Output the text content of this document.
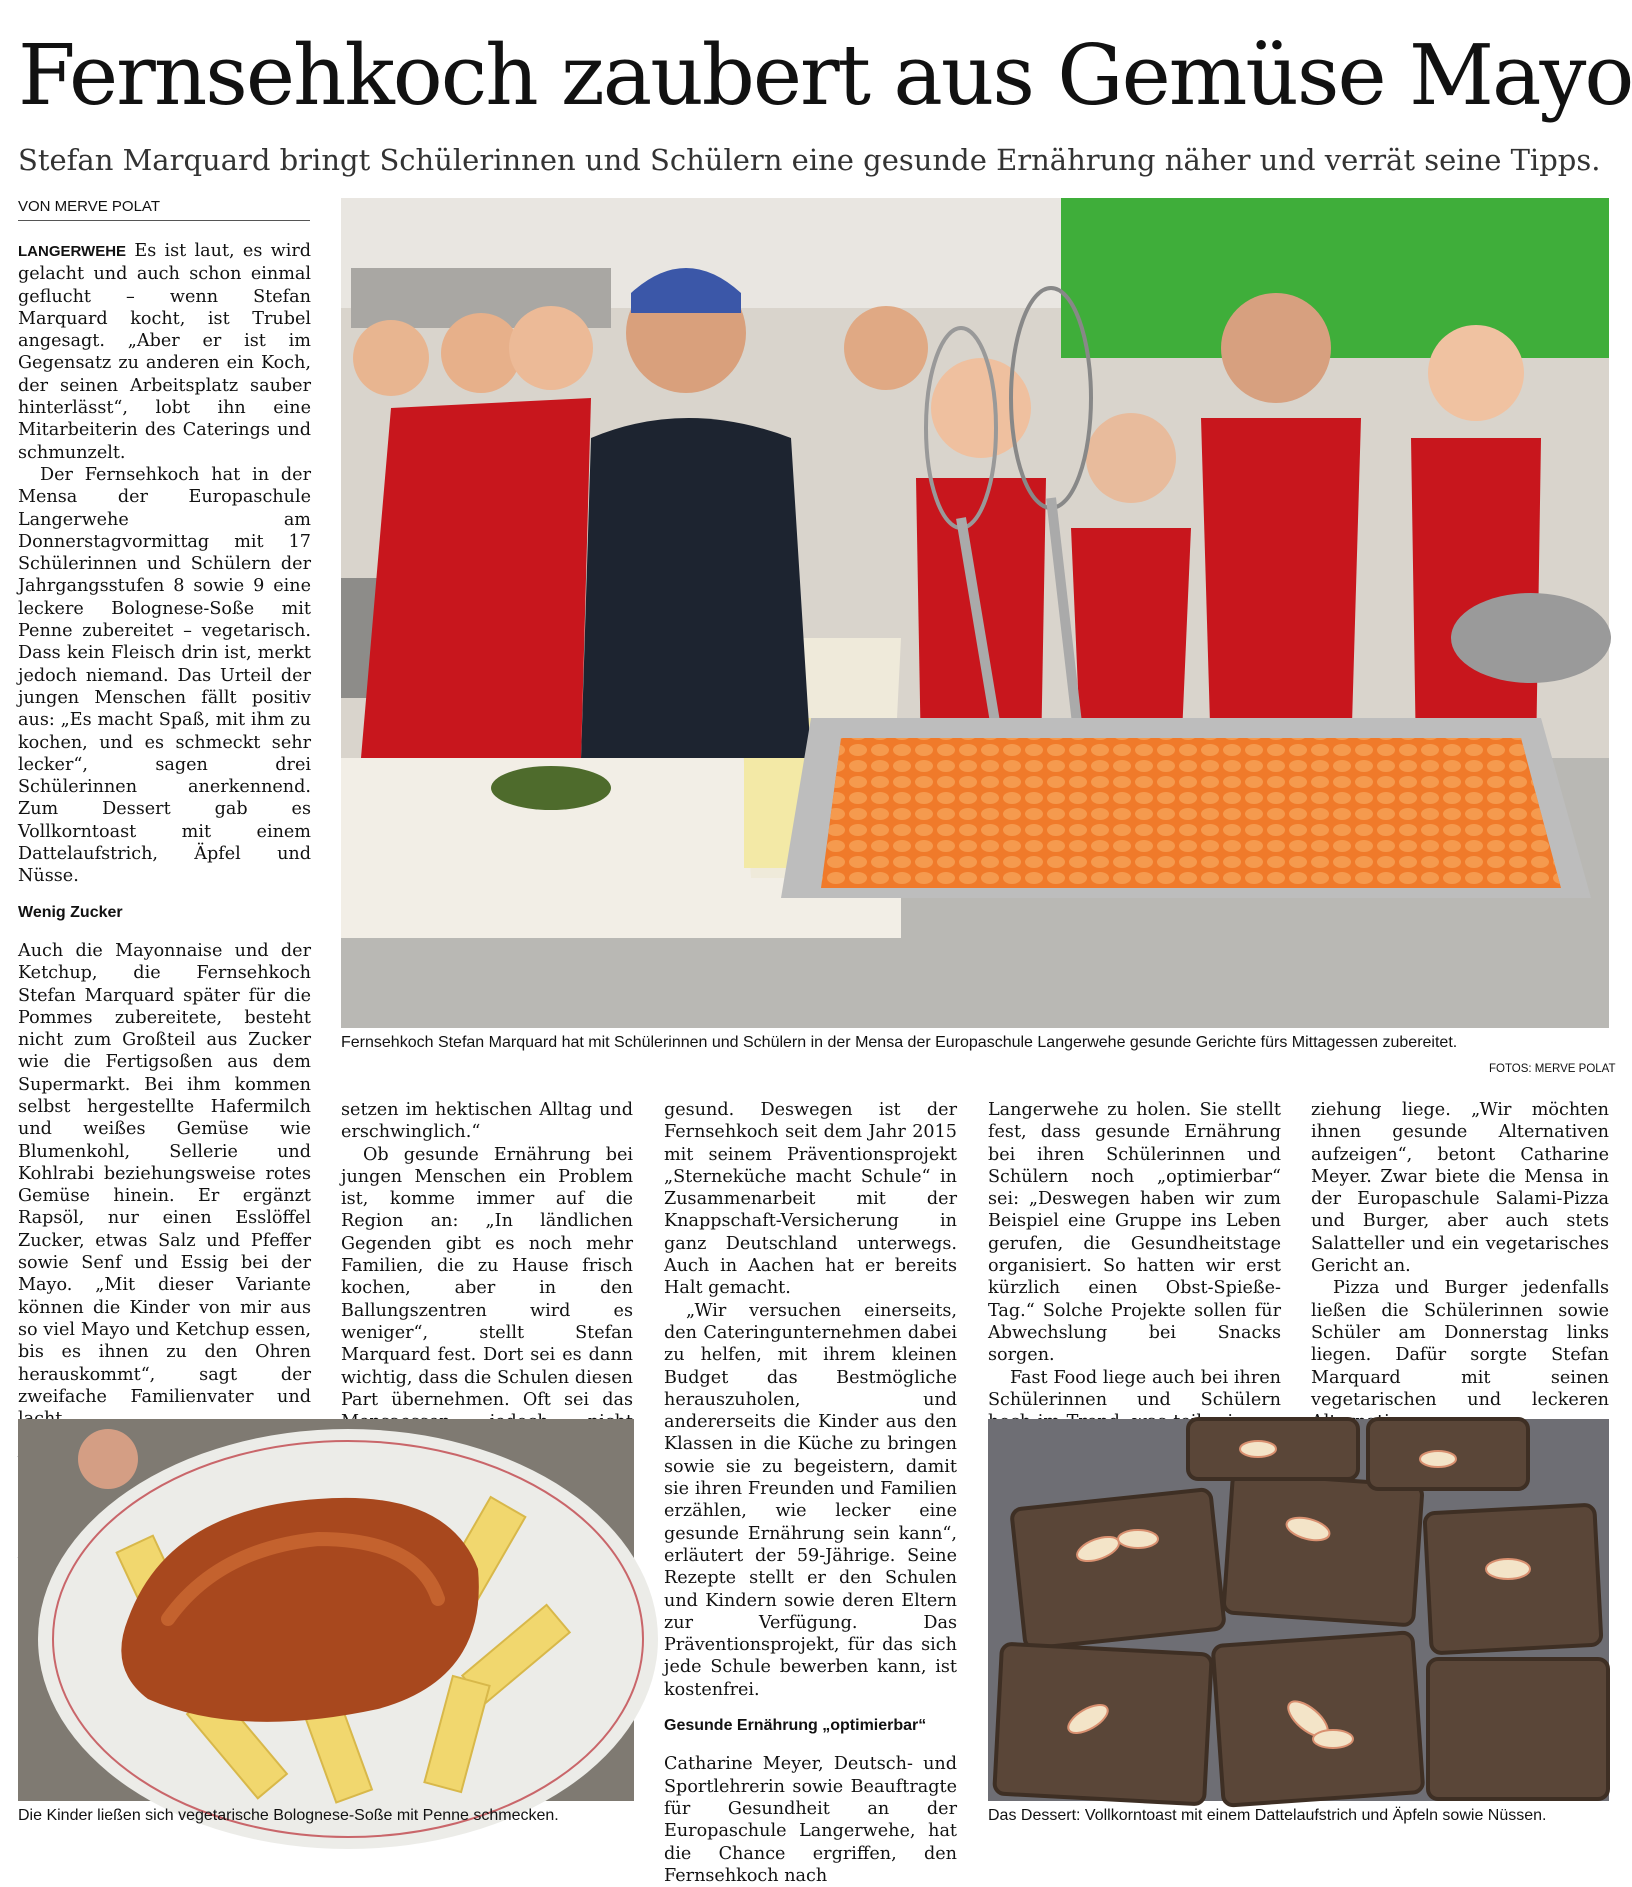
Fernsehkoch zaubert aus Gemüse Mayo

Stefan Marquard bringt Schülerinnen und Schülern eine gesunde Ernährung näher und verrät seine Tipps.

VON MERVE POLAT

LANGERWEHE Es ist laut, es wird gelacht und auch schon einmal geflucht – wenn Stefan Marquard kocht, ist Trubel angesagt. „Aber er ist im Gegensatz zu anderen ein Koch, der seinen Arbeitsplatz sauber hinterlässt“, lobt ihn eine Mitarbeiterin des Caterings und schmunzelt.

Der Fernsehkoch hat in der Mensa der Europaschule Langerwehe am Donnerstagvormittag mit 17 Schülerinnen und Schülern der Jahrgangsstufen 8 sowie 9 eine leckere Bolognese-Soße mit Penne zubereitet – vegetarisch. Dass kein Fleisch drin ist, merkt jedoch niemand. Das Urteil der jungen Menschen fällt positiv aus: „Es macht Spaß, mit ihm zu kochen, und es schmeckt sehr lecker“, sagen drei Schülerinnen anerkennend. Zum Dessert gab es Vollkorntoast mit einem Dattelaufstrich, Äpfel und Nüsse.

Wenig Zucker

Auch die Mayonnaise und der Ketchup, die Fernsehkoch Stefan Marquard später für die Pommes zubereitete, besteht nicht zum Großteil aus Zucker wie die Fertigsoßen aus dem Supermarkt. Bei ihm kommen selbst hergestellte Hafermilch und weißes Gemüse wie Blumenkohl, Sellerie und Kohlrabi beziehungsweise rotes Gemüse hinein. Er ergänzt Rapsöl, nur einen Esslöffel Zucker, etwas Salz und Pfeffer sowie Senf und Essig bei der Mayo. „Mit dieser Variante können die Kinder von mir aus so viel Mayo und Ketchup essen, bis es ihnen zu den Ohren herauskommt“, sagt der zweifache Familienvater und

Fernsehkoch Stefan Marquard hat mit Schülerinnen und Schülern in der Mensa der Europaschule Langerwehe gesunde Gerichte fürs Mittagessen zubereitet.
FOTOS: MERVE POLAT

setzen im hektischen Alltag und erschwinglich.“

Ob gesunde Ernährung bei jungen Menschen ein Problem ist, komme immer auf die Region an: „In ländlichen Gegenden gibt es noch mehr Familien, die zu Hause frisch kochen, aber in den Ballungszentren wird es weniger“, stellt Stefan Marquard fest. Dort sei es dann wichtig, dass die Schulen diesen Part übernehmen. Oft sei das

gesund. Deswegen ist der Fernsehkoch seit dem Jahr 2015 mit seinem Präventionsprojekt „Sterneküche macht Schule“ in Zusammenarbeit mit der Knappschaft-Versicherung in ganz Deutschland unterwegs. Auch in Aachen hat er bereits Halt gemacht.

„Wir versuchen einerseits, den Cateringunternehmen dabei zu helfen, mit ihrem kleinen Budget das Bestmögliche herauszuholen, und andererseits die Kinder aus den Klassen in die Küche zu bringen sowie sie zu begeistern, damit sie ihren Freunden und Familien erzählen, wie lecker eine gesunde Ernährung sein kann“, erläutert der 59-Jährige. Seine Rezepte stellt er den Schulen und Kindern sowie deren Eltern zur Verfügung. Das Präventionsprojekt, für das sich jede Schule bewerben kann, ist kostenfrei.

Gesunde Ernährung „optimierbar“

Catharine Meyer, Deutsch- und Sportlehrerin sowie Beauftragte für Gesundheit an der Europaschule Langerwehe, hat die Chance ergriffen, den Fernsehkoch nach

Langerwehe zu holen. Sie stellt fest, dass gesunde Ernährung bei ihren Schülerinnen und Schülern noch „optimierbar“ sei: „Deswegen haben wir zum Beispiel eine Gruppe ins Leben gerufen, die Gesundheitstage organisiert. So hatten wir erst kürzlich einen Obst-Spieße-Tag.“ Solche Projekte sollen für Abwechslung bei Snacks sorgen.

Fast Food liege auch bei ihren Schülerinnen und Schülern

ziehung liege. „Wir möchten ihnen gesunde Alternativen aufzeigen“, betont Catharine Meyer. Zwar biete die Mensa in der Europaschule Salami-Pizza und Burger, aber auch stets Salatteller und ein vegetarisches Gericht an.

Pizza und Burger jedenfalls ließen die Schülerinnen sowie Schüler am Donnerstag links liegen. Dafür sorgte Stefan Marquard mit seinen vegetarischen und leckeren

Die Kinder ließen sich vegetarische Bolognese-Soße mit Penne schmecken.	Das Dessert: Vollkorntoast mit einem Dattelaufstrich und Äpfeln sowie Nüssen.
